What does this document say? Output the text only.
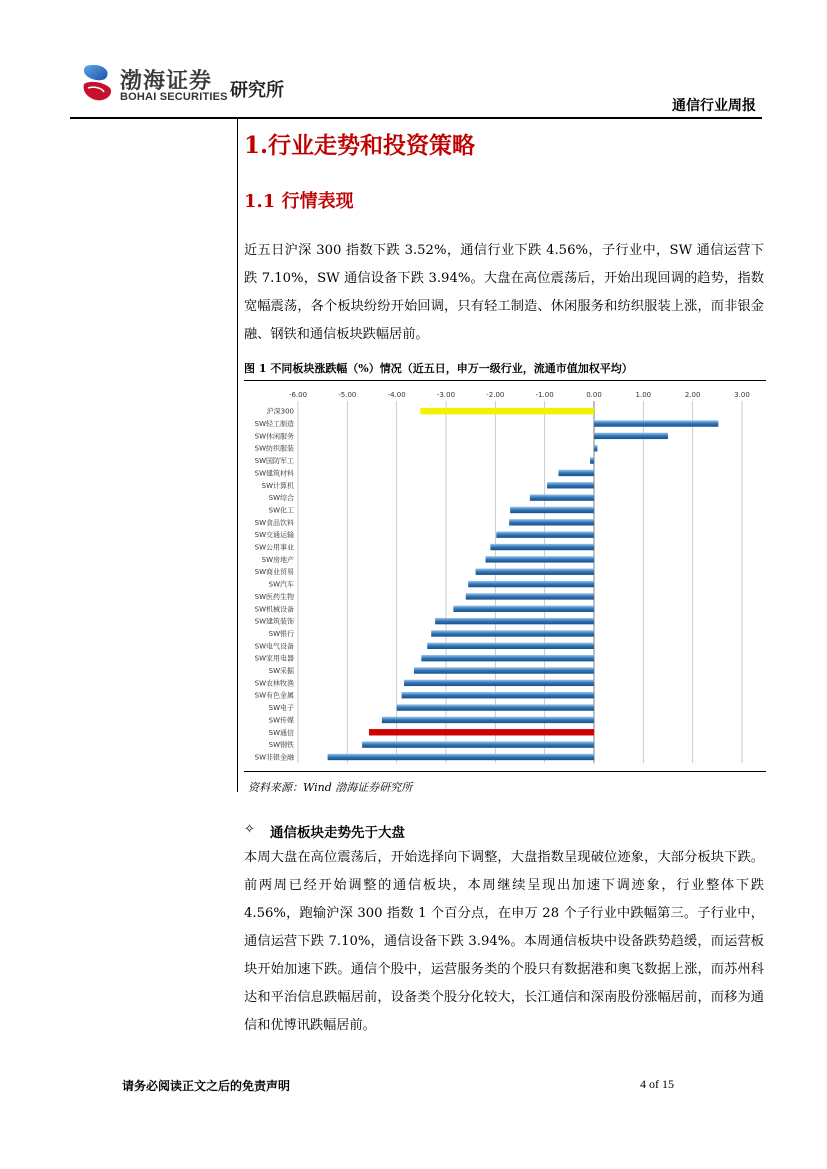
渤海证券
BOHAI SECURITIES 研究所
通信行业周报
1.行业走势和投资策略
1.1 行情表现
近五日沪深 300 指数下跌 3.52%，通信行业下跌 4.56%，子行业中，SW 通信运营下跌 7.10%，SW 通信设备下跌 3.94%。大盘在高位震荡后，开始出现回调的趋势，指数宽幅震荡，各个板块纷纷开始回调，只有轻工制造、休闲服务和纺织服装上涨，而非银金融、钢铁和通信板块跌幅居前。
图 1 不同板块涨跌幅（%）情况（近五日，申万一级行业，流通市值加权平均）
-6.00	-5.00	-4.00	-3.00	-2.00	-1.00	0.00	1.00	2.00	3.00
沪深300
SW轻工制造
SW休闲服务
SW纺织服装
SW国防军工
SW建筑材料
SW计算机
SW综合
SW化工
SW食品饮料
SW交通运输
SW公用事业
SW房地产
SW商业贸易
SW汽车
SW医药生物
SW机械设备
SW建筑装饰
SW银行
SW电气设备
SW家用电器
SW采掘
SW农林牧渔
SW有色金属
SW电子
SW传媒
SW通信
SW钢铁
SW非银金融
资料来源：Wind 渤海证券研究所
✧ 通信板块走势先于大盘
本周大盘在高位震荡后，开始选择向下调整，大盘指数呈现破位迹象，大部分板块下跌。前两周已经开始调整的通信板块，本周继续呈现出加速下调迹象，行业整体下跌 4.56%，跑输沪深 300 指数 1 个百分点，在申万 28 个子行业中跌幅第三。子行业中，通信运营下跌 7.10%，通信设备下跌 3.94%。本周通信板块中设备跌势趋缓，而运营板块开始加速下跌。通信个股中，运营服务类的个股只有数据港和奥飞数据上涨，而苏州科达和平治信息跌幅居前，设备类个股分化较大，长江通信和深南股份涨幅居前，而移为通信和优博讯跌幅居前。
请务必阅读正文之后的免责声明	4 of 15
